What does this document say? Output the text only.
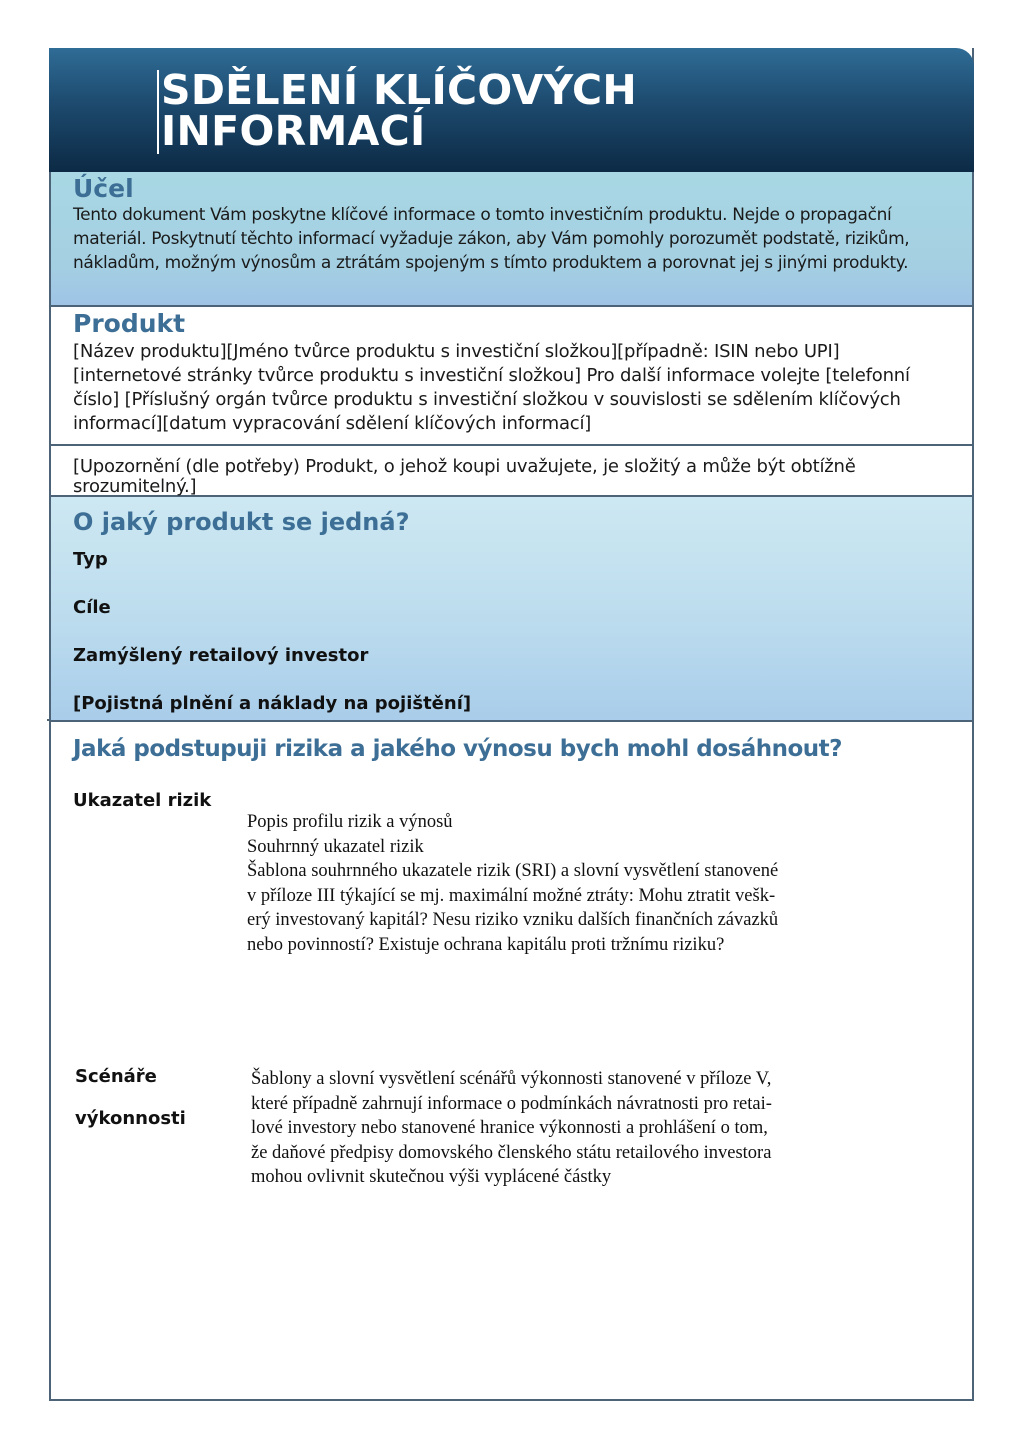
SDĚLENÍ KLÍČOVÝCH
INFORMACÍ
Účel

Tento dokument Vám poskytne klíčové informace o tomto investičním produktu. Nejde o propagační materiál. Poskytnutí těchto informací vyžaduje zákon, aby Vám pomohly porozumět podstatě, rizikům, nákladům, možným výnosům a ztrátám spojeným s tímto produktem a porovnat jej s jinými produkty.

Produkt

[Název produktu][Jméno tvůrce produktu s investiční složkou][případně: ISIN nebo UPI] [internetové stránky tvůrce produktu s investiční složkou] Pro další informace volejte [telefonní číslo] [Příslušný orgán tvůrce produktu s investiční složkou v souvislosti se sdělením klíčových informací][datum vypracování sdělení klíčových informací]

[Upozornění (dle potřeby) Produkt, o jehož koupi uvažujete, je složitý a může být obtížně srozumitelný.]

O jaký produkt se jedná?

Typ

Cíle

Zamýšlený retailový investor

[Pojistná plnění a náklady na pojištění]

Jaká podstupuji rizika a jakého výnosu bych mohl dosáhnout?

Ukazatel rizik

Popis profilu rizik a výnosů
Souhrnný ukazatel rizik
Šablona souhrnného ukazatele rizik (SRI) a slovní vysvětlení stanovené
v příloze III týkající se mj. maximální možné ztráty: Mohu ztratit vešk-
erý investovaný kapitál? Nesu riziko vzniku dalších finančních závazků
nebo povinností? Existuje ochrana kapitálu proti tržnímu riziku?

Scénáře

výkonnosti

Šablony a slovní vysvětlení scénářů výkonnosti stanovené v příloze V,
které případně zahrnují informace o podmínkách návratnosti pro retai-
lové investory nebo stanovené hranice výkonnosti a prohlášení o tom,
že daňové předpisy domovského členského státu retailového investora
mohou ovlivnit skutečnou výši vyplácené částky
